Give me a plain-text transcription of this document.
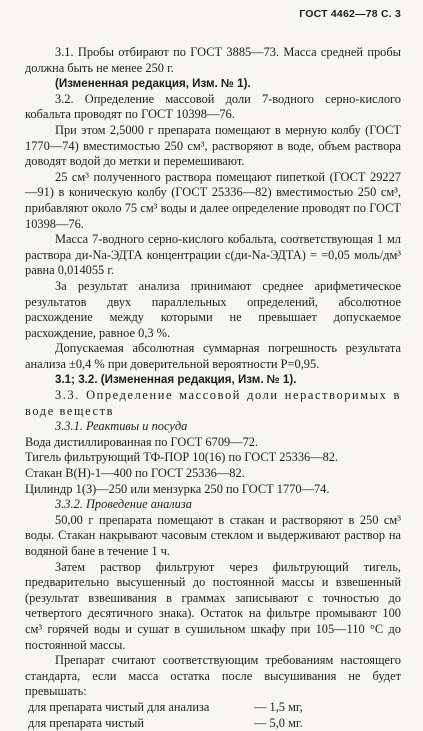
ГОСТ 4462—78 С. 3

3.1. Пробы отбирают по ГОСТ 3885—73. Масса средней пробы должна быть не менее 250 г.

(Измененная редакция, Изм. № 1).

3.2. Определение массовой доли 7-водного серно-кислого кобальта проводят по ГОСТ 10398—76.

При этом 2,5000 г препарата помещают в мерную колбу (ГОСТ 1770—74) вместимостью 250 см³, растворяют в воде, объем раствора доводят водой до метки и перемешивают.

25 см³ полученного раствора помещают пипеткой (ГОСТ 29227—91) в коническую колбу (ГОСТ 25336—82) вместимостью 250 см³, прибавляют около 75 см³ воды и далее определение проводят по ГОСТ 10398—76.

Масса 7-водного серно-кислого кобальта, соответствующая 1 мл раствора ди-Na-ЭДТА концентрации с(ди-Na-ЭДТА) = =0,05 моль/дм³ равна 0,014055 г.

За результат анализа принимают среднее арифметическое результатов двух параллельных определений, абсолютное расхождение между которыми не превышает допускаемое расхождение, равное 0,3 %.

Допускаемая абсолютная суммарная погрешность результата анализа ±0,4 % при доверительной вероятности P=0,95.

3.1; 3.2. (Измененная редакция, Изм. № 1).

3.3. Определение массовой доли нерастворимых в воде веществ

3.3.1. Реактивы и посуда

Вода дистиллированная по ГОСТ 6709—72.

Тигель фильтрующий ТФ-ПОР 10(16) по ГОСТ 25336—82.

Стакан В(Н)-1—400 по ГОСТ 25336—82.

Цилиндр 1(3)—250 или мензурка 250 по ГОСТ 1770—74.

3.3.2. Проведение анализа

50,00 г препарата помещают в стакан и растворяют в 250 см³ воды. Стакан накрывают часовым стеклом и выдерживают раствор на водяной бане в течение 1 ч.

Затем раствор фильтруют через фильтрующий тигель, предварительно высушенный до постоянной массы и взвешенный (результат взвешивания в граммах записывают с точностью до четвертого десятичного знака). Остаток на фильтре промывают 100 см³ горячей воды и сушат в сушильном шкафу при 105—110 °С до постоянной массы.

Препарат считают соответствующим требованиям настоящего стандарта, если масса остатка после высушивания не будет превышать:

для препарата чистый для анализа	— 1,5 мг,
для препарата чистый	— 5,0 мг.
